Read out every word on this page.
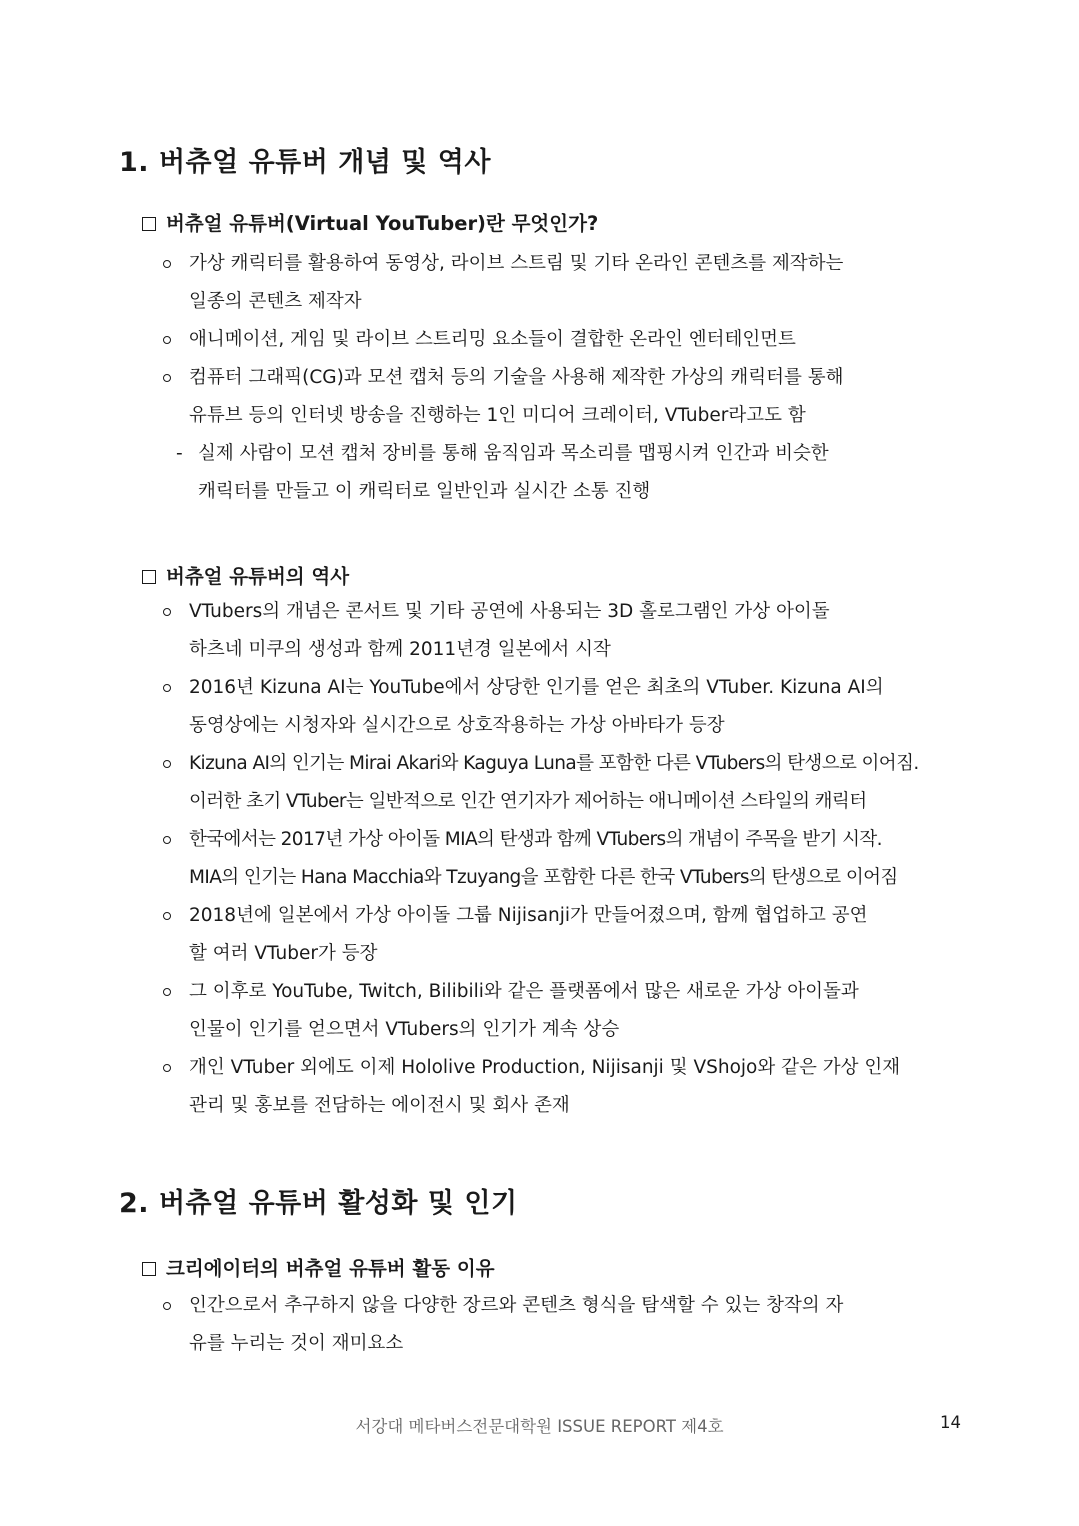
1. 버츄얼 유튜버 개념 및 역사
버츄얼 유튜버(Virtual YouTuber)란 무엇인가?
가상 캐릭터를 활용하여 동영상, 라이브 스트림 및 기타 온라인 콘텐츠를 제작하는
일종의 콘텐츠 제작자
애니메이션, 게임 및 라이브 스트리밍 요소들이 결합한 온라인 엔터테인먼트
컴퓨터 그래픽(CG)과 모션 캡처 등의 기술을 사용해 제작한 가상의 캐릭터를 통해
유튜브 등의 인터넷 방송을 진행하는 1인 미디어 크레이터, VTuber라고도 함
- 실제 사람이 모션 캡처 장비를 통해 움직임과 목소리를 맵핑시켜 인간과 비슷한
캐릭터를 만들고 이 캐릭터로 일반인과 실시간 소통 진행
버츄얼 유튜버의 역사
VTubers의 개념은 콘서트 및 기타 공연에 사용되는 3D 홀로그램인 가상 아이돌
하츠네 미쿠의 생성과 함께 2011년경 일본에서 시작
2016년 Kizuna AI는 YouTube에서 상당한 인기를 얻은 최초의 VTuber. Kizuna AI의
동영상에는 시청자와 실시간으로 상호작용하는 가상 아바타가 등장
Kizuna AI의 인기는 Mirai Akari와 Kaguya Luna를 포함한 다른 VTubers의 탄생으로 이어짐.
이러한 초기 VTuber는 일반적으로 인간 연기자가 제어하는 애니메이션 스타일의 캐릭터
한국에서는 2017년 가상 아이돌 MIA의 탄생과 함께 VTubers의 개념이 주목을 받기 시작.
MIA의 인기는 Hana Macchia와 Tzuyang을 포함한 다른 한국 VTubers의 탄생으로 이어짐
2018년에 일본에서 가상 아이돌 그룹 Nijisanji가 만들어졌으며, 함께 협업하고 공연
할 여러 VTuber가 등장
그 이후로 YouTube, Twitch, Bilibili와 같은 플랫폼에서 많은 새로운 가상 아이돌과
인물이 인기를 얻으면서 VTubers의 인기가 계속 상승
개인 VTuber 외에도 이제 Hololive Production, Nijisanji 및 VShojo와 같은 가상 인재
관리 및 홍보를 전담하는 에이전시 및 회사 존재
2. 버츄얼 유튜버 활성화 및 인기
크리에이터의 버츄얼 유튜버 활동 이유
인간으로서 추구하지 않을 다양한 장르와 콘텐츠 형식을 탐색할 수 있는 창작의 자
유를 누리는 것이 재미요소
서강대 메타버스전문대학원 ISSUE REPORT 제4호	14
